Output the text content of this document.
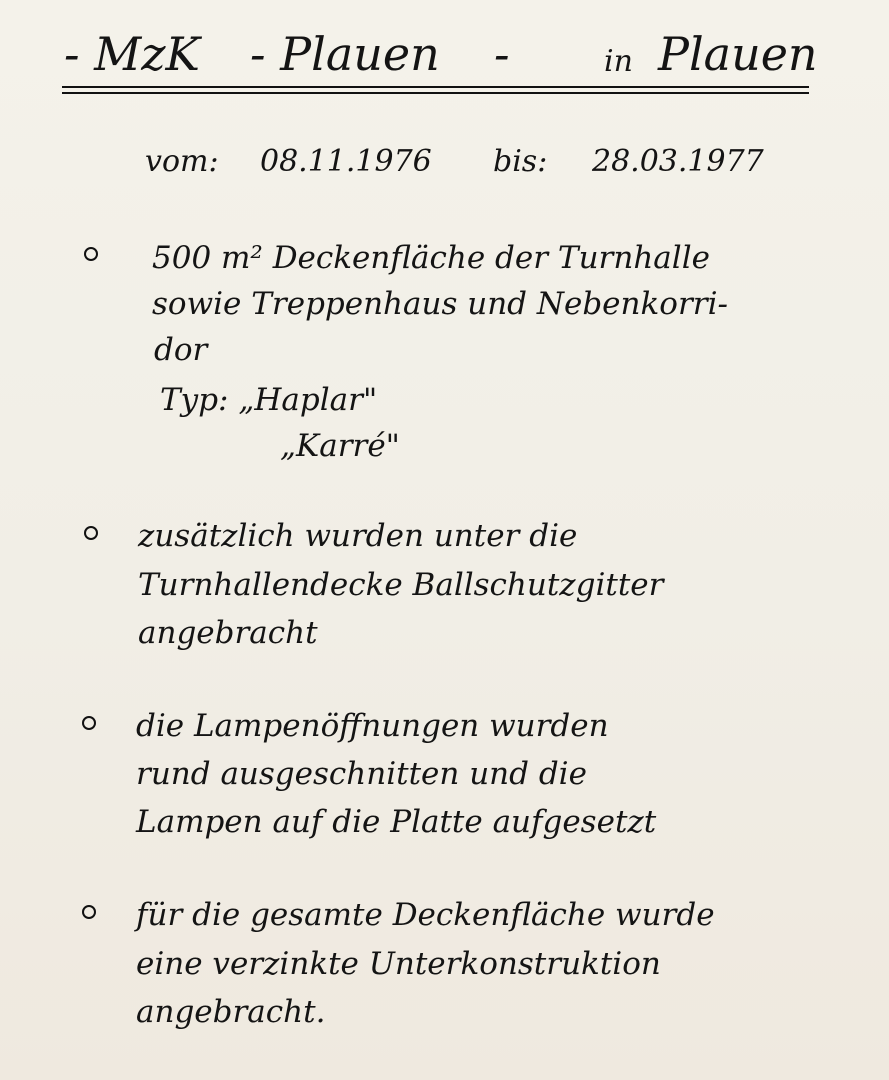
- MzK - Plauen -	in Plauen
vom: 08.11.1976 bis: 28.03.1977
500 m² Deckenfläche der Turnhalle
sowie Treppenhaus und Nebenkorri-
dor
Typ: „Haplar"
„Karré"
zusätzlich wurden unter die
Turnhallendecke Ballschutzgitter
angebracht
die Lampenöffnungen wurden
rund ausgeschnitten und die
Lampen auf die Platte aufgesetzt
für die gesamte Deckenfläche wurde
eine verzinkte Unterkonstruktion
angebracht.
